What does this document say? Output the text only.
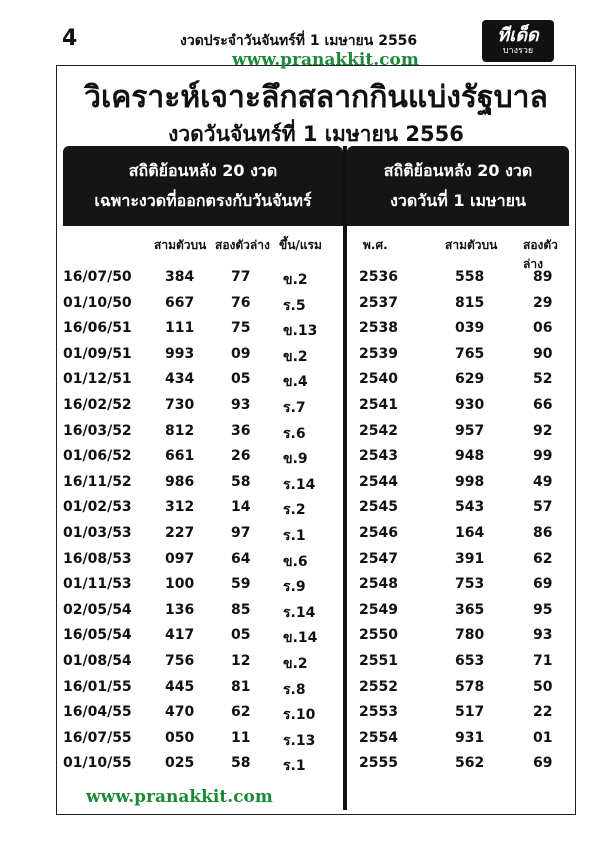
4	งวดประจำวันจันทร์ที่ 1 เมษายน 2556	ทีเด็ด
บางรวย
วิเคราะห์เจาะลึกสลากกินแบ่งรัฐบาล
งวดวันจันทร์ที่ 1 เมษายน 2556
สถิติย้อนหลัง 20 งวด
เฉพาะงวดที่ออกตรงกับวันจันทร์
สถิติย้อนหลัง 20 งวด
งวดวันที่ 1 เมษายน
สามตัวบน สองตัวล่าง ขึ้น/แรม	พ.ศ.	สามตัวบน สองตัวล่าง
16/07/50 384	77 ข.2
01/10/50 667	76 ร.5
16/06/51 111	75 ข.13
01/09/51 993	09 ข.2
01/12/51 434	05 ข.4
16/02/52 730	93 ร.7
16/03/52 812	36 ร.6
01/06/52 661	26 ข.9
16/11/52 986	58 ร.14
01/02/53 312	14 ร.2
01/03/53 227	97 ร.1
16/08/53 097	64 ข.6
01/11/53 100	59 ร.9
02/05/54 136	85 ร.14
16/05/54 417	05 ข.14
01/08/54 756	12 ข.2
16/01/55 445	81 ร.8
16/04/55 470	62 ร.10
16/07/55 050	11 ร.13
01/10/55 025	58 ร.1
2536	558	89
2537	815	29
2538	039	06
2539	765	90
2540	629	52
2541	930	66
2542	957	92
2543	948	99
2544	998	49
2545	543	57
2546	164	86
2547	391	62
2548	753	69
2549	365	95
2550	780	93
2551	653	71
2552	578	50
2553	517	22
2554	931	01
2555	562	69
www.pranakkit.com
www.pranakkit.com
